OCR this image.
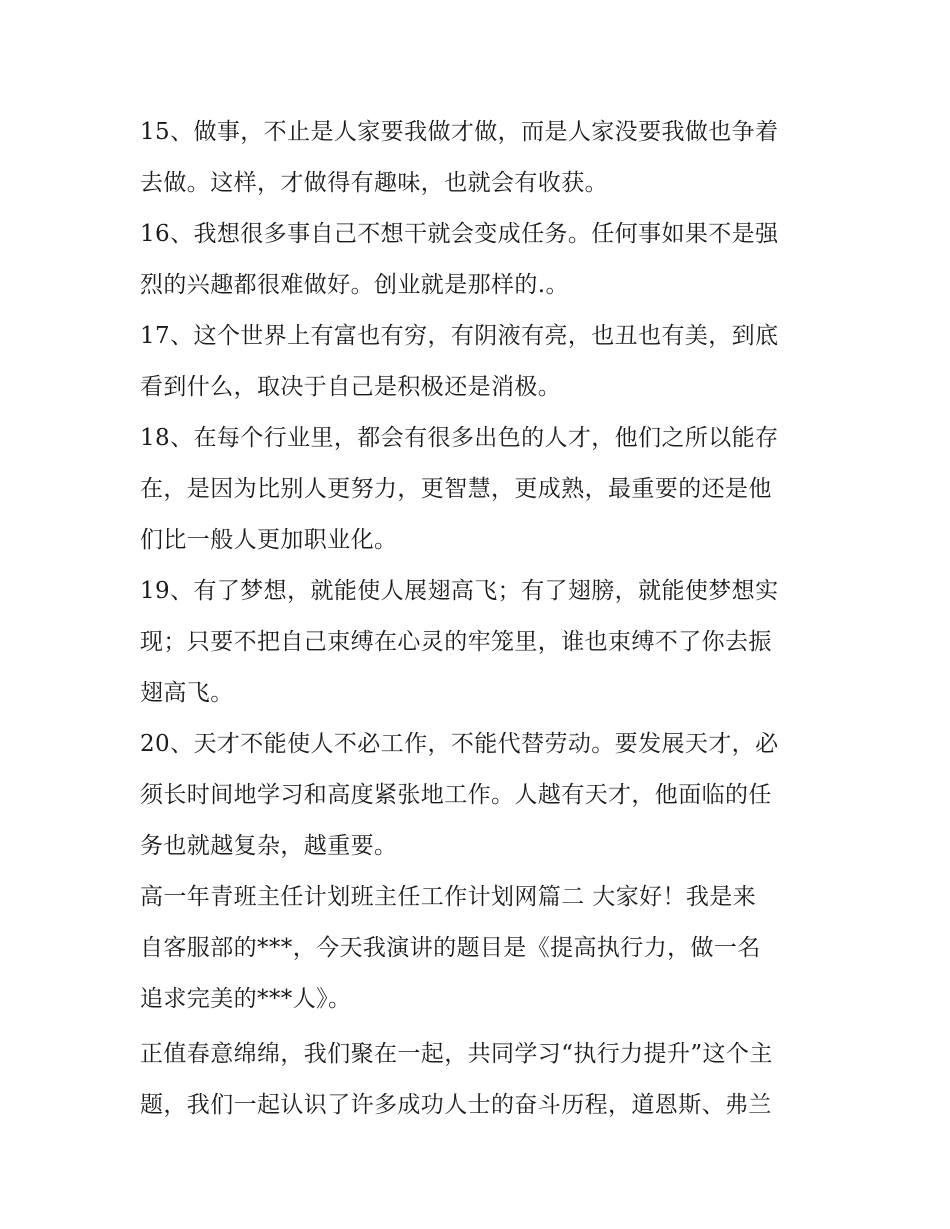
15、做事，不止是人家要我做才做，而是人家没要我做也争着
去做。这样，才做得有趣味，也就会有收获。

16、我想很多事自己不想干就会变成任务。任何事如果不是强
烈的兴趣都很难做好。创业就是那样的.。

17、这个世界上有富也有穷，有阴液有亮，也丑也有美，到底
看到什么，取决于自己是积极还是消极。

18、在每个行业里，都会有很多出色的人才，他们之所以能存
在，是因为比别人更努力，更智慧，更成熟，最重要的还是他
们比一般人更加职业化。

19、有了梦想，就能使人展翅高飞；有了翅膀，就能使梦想实
现；只要不把自己束缚在心灵的牢笼里，谁也束缚不了你去振
翅高飞。

20、天才不能使人不必工作，不能代替劳动。要发展天才，必
须长时间地学习和高度紧张地工作。人越有天才，他面临的任
务也就越复杂，越重要。

高一年青班主任计划班主任工作计划网篇二 大家好！我是来
自客服部的***，今天我演讲的题目是《提高执行力，做一名
追求完美的***人》。

正值春意绵绵，我们聚在一起，共同学习“执行力提升”这个主
题，我们一起认识了许多成功人士的奋斗历程，道恩斯、弗兰
